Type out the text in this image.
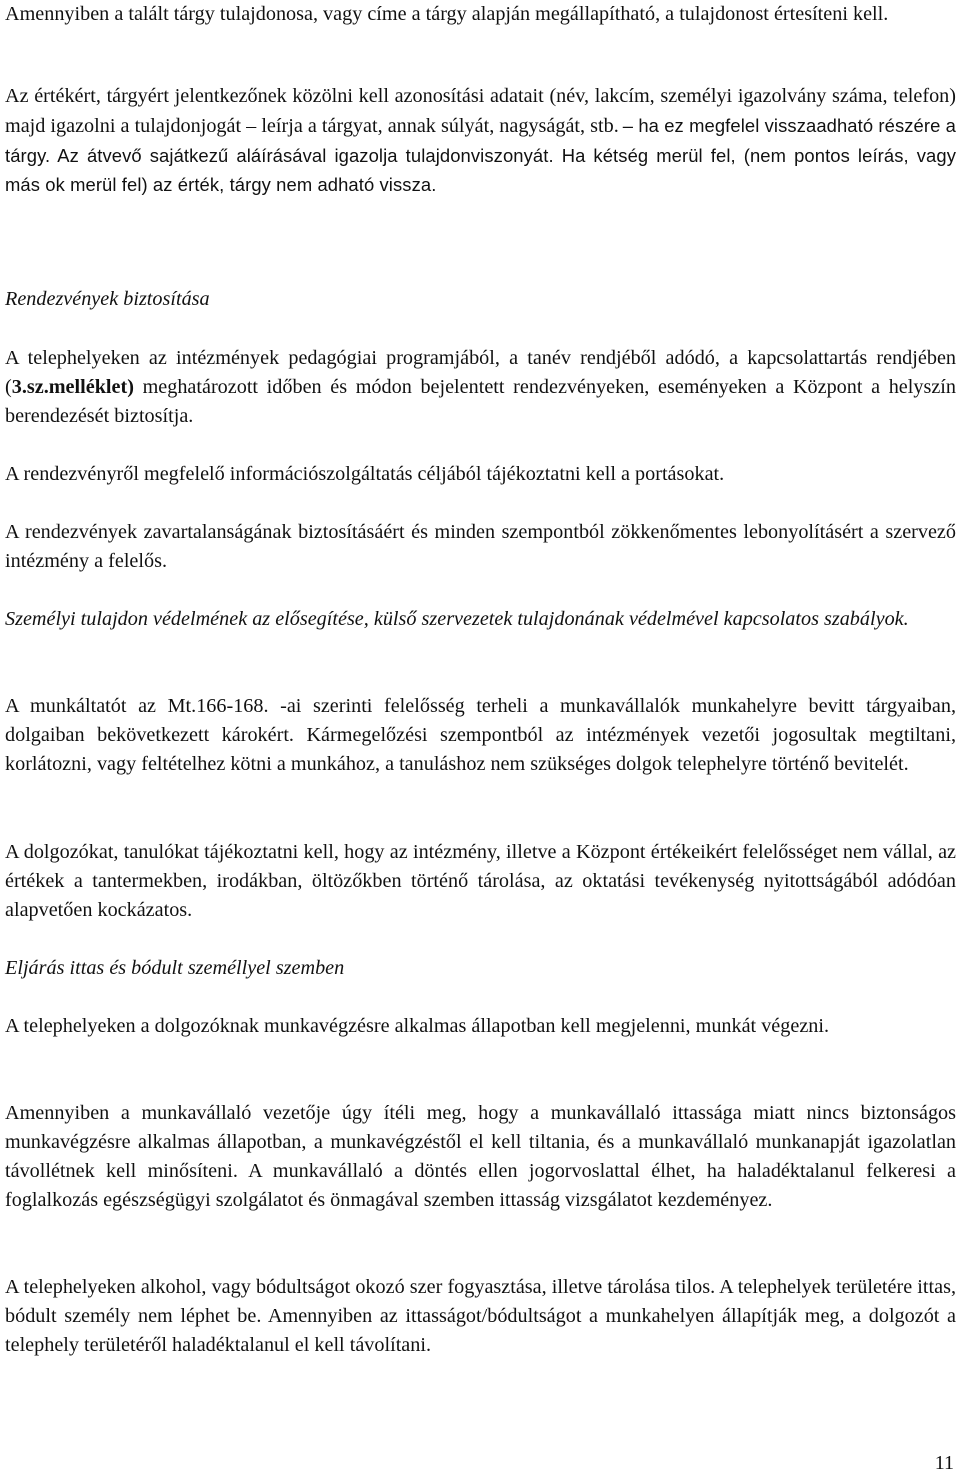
Amennyiben a talált tárgy tulajdonosa, vagy címe a tárgy alapján megállapítható, a tulajdonost értesíteni kell.

Az értékért, tárgyért jelentkezőnek közölni kell azonosítási adatait (név, lakcím, személyi igazolvány száma, telefon) majd igazolni a tulajdonjogát – leírja a tárgyat, annak súlyát, nagyságát, stb. – ha ez megfelel visszaadható részére a tárgy. Az átvevő sajátkezű aláírásával igazolja tulajdonviszonyát. Ha kétség merül fel, (nem pontos leírás, vagy más ok merül fel) az érték, tárgy nem adható vissza.

Rendezvények biztosítása

A telephelyeken az intézmények pedagógiai programjából, a tanév rendjéből adódó, a kapcsolattartás rendjében (3.sz.melléklet) meghatározott időben és módon bejelentett rendezvényeken, eseményeken a Központ a helyszín berendezését biztosítja.

A rendezvényről megfelelő információszolgáltatás céljából tájékoztatni kell a portásokat.

A rendezvények zavartalanságának biztosításáért és minden szempontból zökkenőmentes lebonyolításért a szervező intézmény a felelős.

Személyi tulajdon védelmének az elősegítése, külső szervezetek tulajdonának védelmével kapcsolatos szabályok.

A munkáltatót az Mt.166-168. -ai szerinti felelősség terheli a munkavállalók munkahelyre bevitt tárgyaiban, dolgaiban bekövetkezett károkért. Kármegelőzési szempontból az intézmények vezetői jogosultak megtiltani, korlátozni, vagy feltételhez kötni a munkához, a tanuláshoz nem szükséges dolgok telephelyre történő bevitelét.

A dolgozókat, tanulókat tájékoztatni kell, hogy az intézmény, illetve a Központ értékeikért felelősséget nem vállal, az értékek a tantermekben, irodákban, öltözőkben történő tárolása, az oktatási tevékenység nyitottságából adódóan alapvetően kockázatos.

Eljárás ittas és bódult személlyel szemben

A telephelyeken a dolgozóknak munkavégzésre alkalmas állapotban kell megjelenni, munkát végezni.

Amennyiben a munkavállaló vezetője úgy ítéli meg, hogy a munkavállaló ittassága miatt nincs biztonságos munkavégzésre alkalmas állapotban, a munkavégzéstől el kell tiltania, és a munkavállaló munkanapját igazolatlan távollétnek kell minősíteni. A munkavállaló a döntés ellen jogorvoslattal élhet, ha haladéktalanul felkeresi a foglalkozás egészségügyi szolgálatot és önmagával szemben ittasság vizsgálatot kezdeményez.

A telephelyeken alkohol, vagy bódultságot okozó szer fogyasztása, illetve tárolása tilos. A telephelyek területére ittas, bódult személy nem léphet be. Amennyiben az ittasságot/bódultságot a munkahelyen állapítják meg, a dolgozót a telephely területéről haladéktalanul el kell távolítani.

11
